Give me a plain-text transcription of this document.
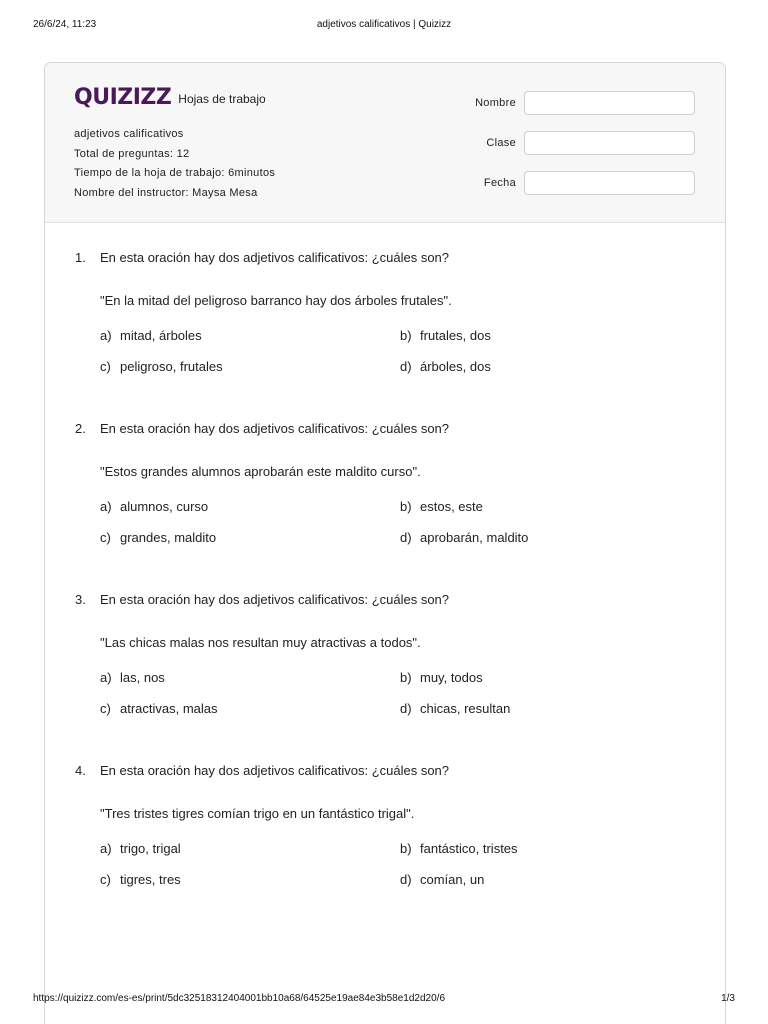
26/6/24, 11:23	adjetivos calificativos | Quizizz
QUIZIZZ Hojas de trabajo
adjetivos calificativos
Total de preguntas: 12
Tiempo de la hoja de trabajo: 6minutos
Nombre del instructor: Maysa Mesa
Nombre
Clase
Fecha
1.	En esta oración hay dos adjetivos calificativos: ¿cuáles son?
"En la mitad del peligroso barranco hay dos árboles frutales".
a) mitad, árboles	b) frutales, dos
c) peligroso, frutales	d) árboles, dos
2.	En esta oración hay dos adjetivos calificativos: ¿cuáles son?
"Estos grandes alumnos aprobarán este maldito curso".
a) alumnos, curso	b) estos, este
c) grandes, maldito	d) aprobarán, maldito
3.	En esta oración hay dos adjetivos calificativos: ¿cuáles son?
"Las chicas malas nos resultan muy atractivas a todos".
a) las, nos	b) muy, todos
c) atractivas, malas	d) chicas, resultan
4.	En esta oración hay dos adjetivos calificativos: ¿cuáles son?
"Tres tristes tigres comían trigo en un fantástico trigal".
a) trigo, trigal	b) fantástico, tristes
c) tigres, tres	d) comían, un
https://quizizz.com/es-es/print/5dc32518312404001bb10a68/64525e19ae84e3b58e1d2d20/6	1/3
